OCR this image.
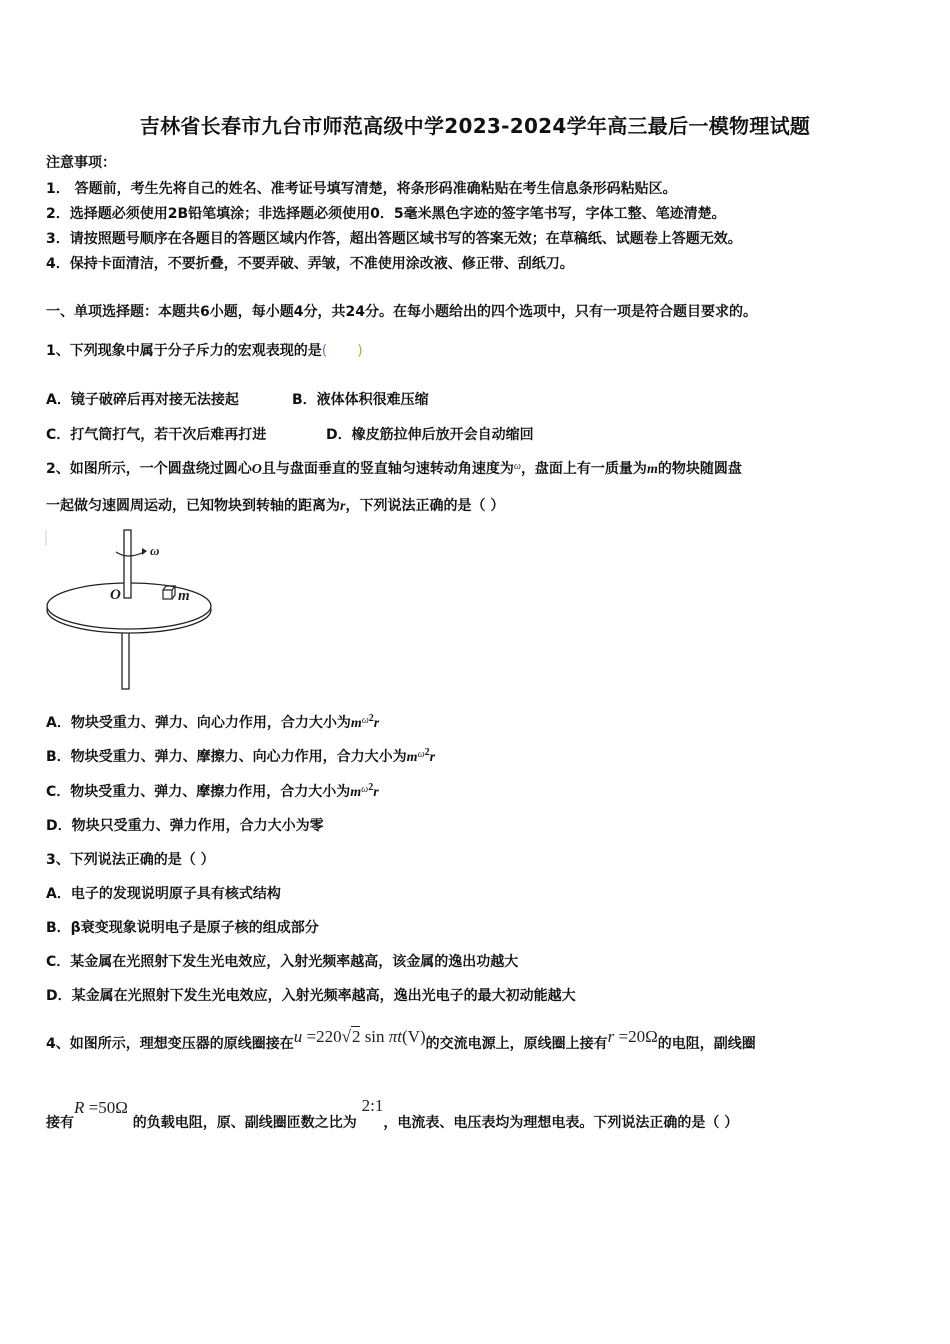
吉林省长春市九台市师范高级中学2023-2024学年高三最后一模物理试题
注意事项：
1． 答题前，考生先将自己的姓名、准考证号填写清楚，将条形码准确粘贴在考生信息条形码粘贴区。
2．选择题必须使用2B铅笔填涂；非选择题必须使用0．5毫米黑色字迹的签字笔书写，字体工整、笔迹清楚。
3．请按照题号顺序在各题目的答题区域内作答，超出答题区域书写的答案无效；在草稿纸、试题卷上答题无效。
4．保持卡面清洁，不要折叠，不要弄破、弄皱，不准使用涂改液、修正带、刮纸刀。
一、单项选择题：本题共6小题，每小题4分，共24分。在每小题给出的四个选项中，只有一项是符合题目要求的。
1、下列现象中属于分子斥力的宏观表现的是( )
A．镜子破碎后再对接无法接起	B．液体体积很难压缩
C．打气筒打气，若干次后难再打进	D．橡皮筋拉伸后放开会自动缩回
2、如图所示，一个圆盘绕过圆心O且与盘面垂直的竖直轴匀速转动角速度为$^\omega$，盘面上有一质量为m的物块随圆盘
一起做匀速圆周运动，已知物块到转轴的距离为r，下列说法正确的是（ ）
ω
O	m
A．物块受重力、弹力、向心力作用，合力大小为$m^{\omega 2}r$
B．物块受重力、弹力、摩擦力、向心力作用，合力大小为$m^{\omega 2}r$
C．物块受重力、弹力、摩擦力作用，合力大小为$m^{\omega 2}r$
D．物块只受重力、弹力作用，合力大小为零
3、下列说法正确的是（ ）
A．电子的发现说明原子具有核式结构
B．β衰变现象说明电子是原子核的组成部分
C．某金属在光照射下发生光电效应，入射光频率越高，该金属的逸出功越大
D．某金属在光照射下发生光电效应，入射光频率越高，逸出光电子的最大初动能越大
4、如图所示，理想变压器的原线圈接在u =220√2 sin πt(V)的交流电源上，原线圈上接有r =20Ω的电阻，副线圈
接有R =50Ω 的负载电阻，原、副线圈匝数之比为 2:1，电流表、电压表均为理想电表。下列说法正确的是（ ）
